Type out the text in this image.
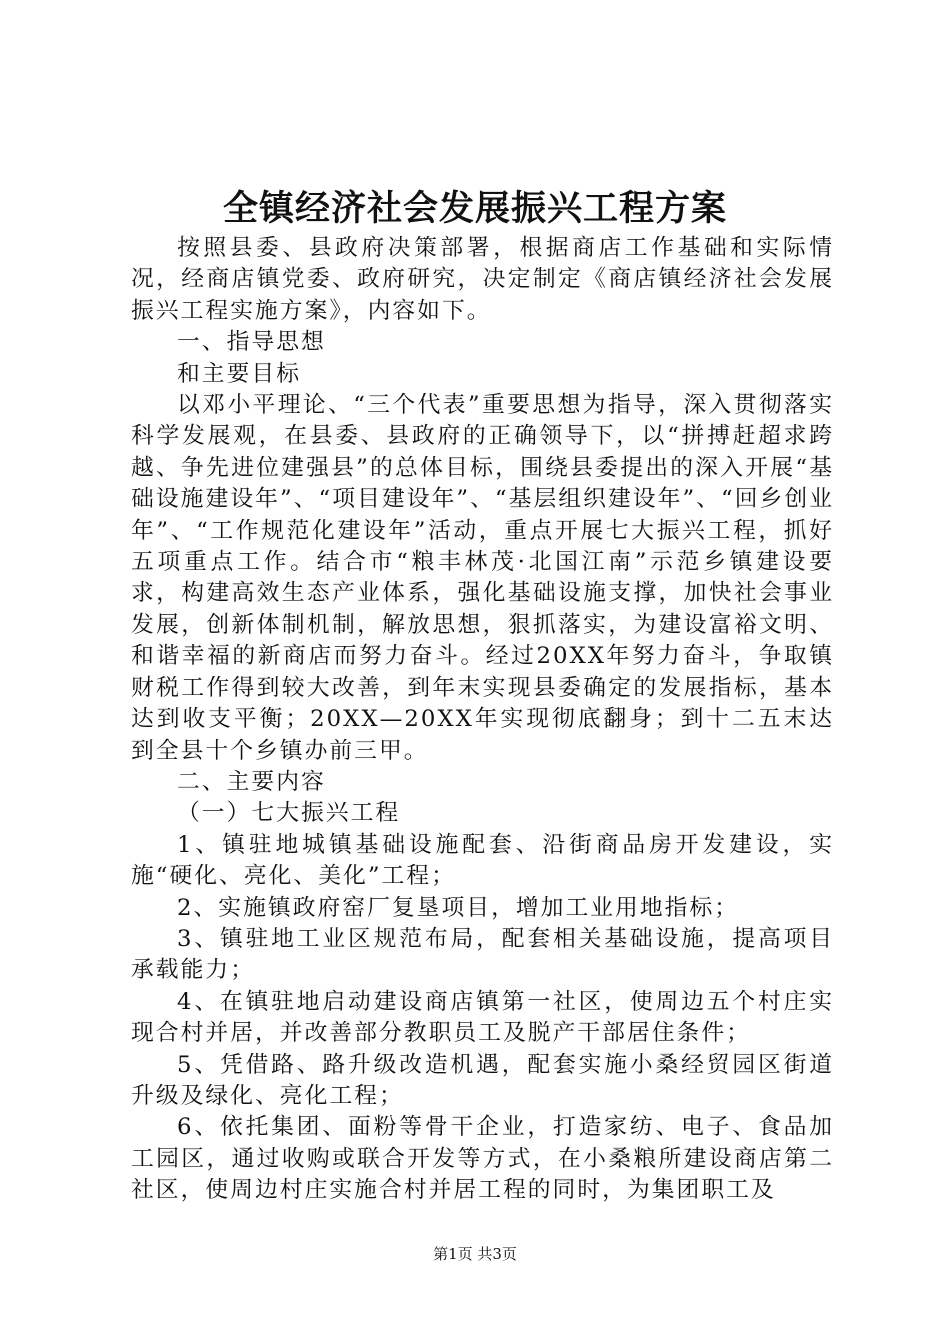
全镇经济社会发展振兴工程方案

按照县委、县政府决策部署，根据商店工作基础和实际情况，经商店镇党委、政府研究，决定制定《商店镇经济社会发展振兴工程实施方案》，内容如下。

一、指导思想

和主要目标

以邓小平理论、“三个代表”重要思想为指导，深入贯彻落实科学发展观，在县委、县政府的正确领导下，以“拼搏赶超求跨越、争先进位建强县”的总体目标，围绕县委提出的深入开展“基础设施建设年”、“项目建设年”、“基层组织建设年”、“回乡创业年”、“工作规范化建设年”活动，重点开展七大振兴工程，抓好五项重点工作。结合市“粮丰林茂·北国江南”示范乡镇建设要求，构建高效生态产业体系，强化基础设施支撑，加快社会事业发展，创新体制机制，解放思想，狠抓落实，为建设富裕文明、和谐幸福的新商店而努力奋斗。经过20XX年努力奋斗，争取镇财税工作得到较大改善，到年末实现县委确定的发展指标，基本达到收支平衡；20XX—20XX年实现彻底翻身；到十二五末达到全县十个乡镇办前三甲。

二、主要内容

（一）七大振兴工程

1、镇驻地城镇基础设施配套、沿街商品房开发建设，实施“硬化、亮化、美化”工程；

2、实施镇政府窑厂复垦项目，增加工业用地指标；

3、镇驻地工业区规范布局，配套相关基础设施，提高项目承载能力；

4、在镇驻地启动建设商店镇第一社区，使周边五个村庄实现合村并居，并改善部分教职员工及脱产干部居住条件；

5、凭借路、路升级改造机遇，配套实施小桑经贸园区街道升级及绿化、亮化工程；

6、依托集团、面粉等骨干企业，打造家纺、电子、食品加工园区，通过收购或联合开发等方式，在小桑粮所建设商店第二社区，使周边村庄实施合村并居工程的同时，为集团职工及

第1页 共3页
